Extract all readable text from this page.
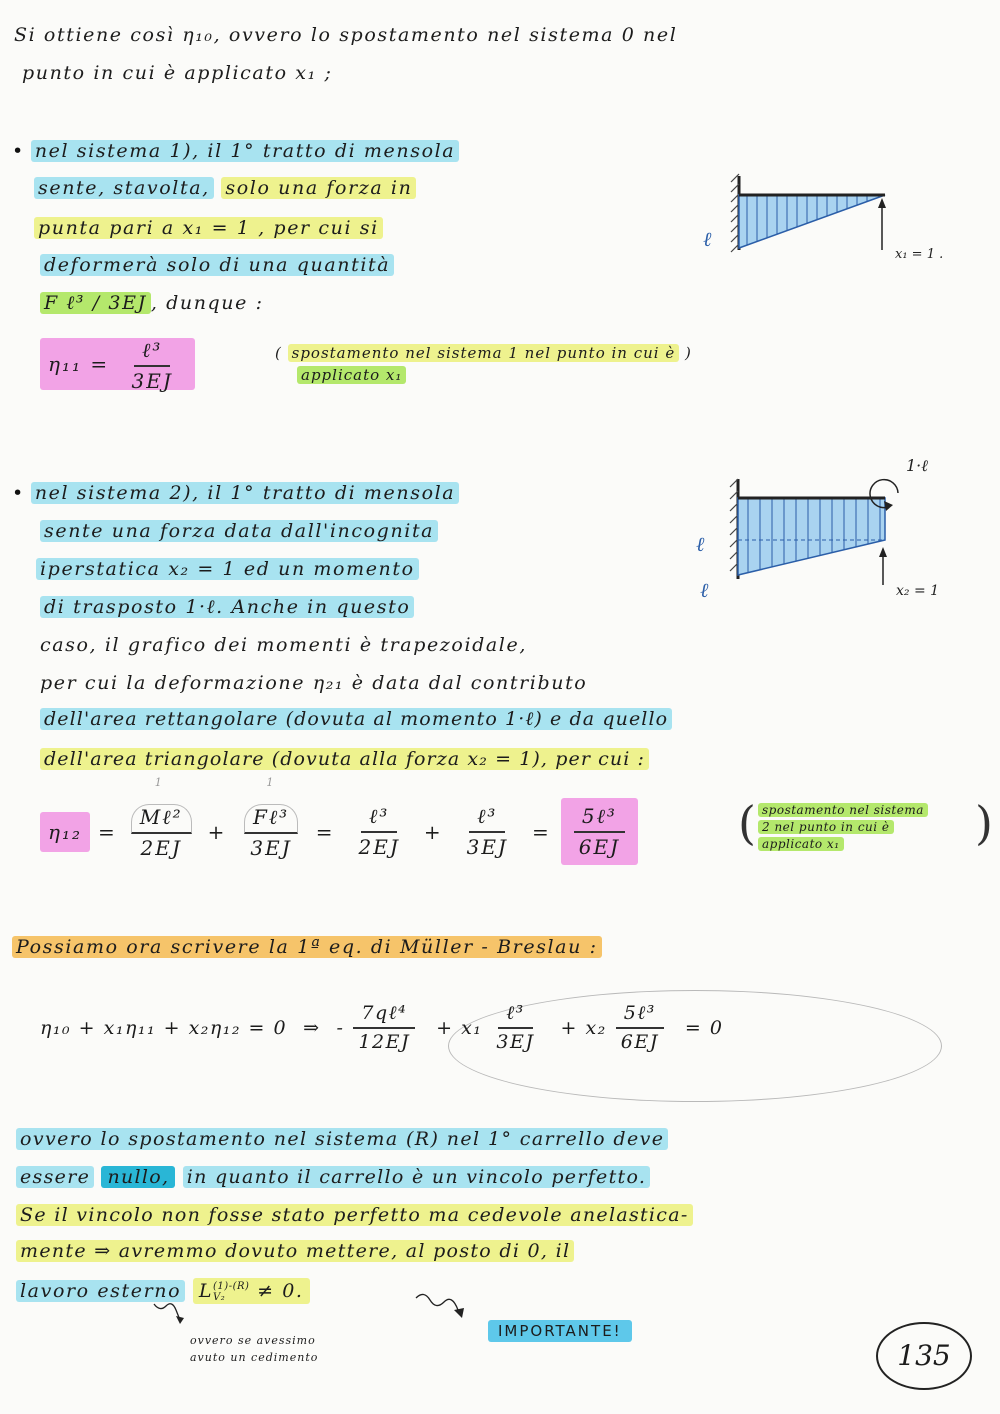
Si ottiene così η₁₀, ovvero lo spostamento nel sistema 0 nel
punto in cui è applicato x₁ ;
• nel sistema 1), il 1° tratto di mensola
sente, stavolta, solo una forza in
punta pari a x₁ = 1 , per cui si
deformerà solo di una quantità
F ℓ³ / 3EJ , dunque :
ℓ
x₁ = 1 .
$\eta_{11} = \frac{\text{ℓ³}}{3EJ}$	( spostamento nel sistema 1 nel punto in cui è )
applicato x₁
• nel sistema 2), il 1° tratto di mensola
sente una forza data dall'incognita
iperstatica x₂ = 1 ed un momento
di trasposto 1·ℓ. Anche in questo
caso, il grafico dei momenti è trapezoidale,
per cui la deformazione η₂₁ è data dal contributo
dell'area rettangolare (dovuta al momento 1·ℓ) e da quello
dell'area triangolare (dovuta alla forza x₂ = 1), per cui :
1·ℓ
x₂ = 1
ℓ
ℓ
η₁₂ =
1
$\frac{\text{Mℓ²}}{2EJ}$ +
1
$\frac{\text{Fℓ³}}{3EJ} = \frac{\text{ℓ³}}{2EJ} + \frac{\text{ℓ³}}{3EJ} = \frac{\text{5ℓ³}}{6EJ}$ (	)
spostamento nel sistema
2 nel punto in cui è
applicato x₁
Possiamo ora scrivere la 1ª eq. di Müller - Breslau :
η₁₀ + x₁η₁₁ + x₂η₁₂ = 0 ⇒ - $\frac{\text{7qℓ⁴}}{12EJ} + x_1 \frac{\text{ℓ³}}{3EJ} + x_2 \frac{\text{5ℓ³}}{6EJ} = 0$
ovvero lo spostamento nel sistema (R) nel 1° carrello deve
essere nullo, in quanto il carrello è un vincolo perfetto.
Se il vincolo non fosse stato perfetto ma cedevole anelastica-
mente ⇒ avremmo dovuto mettere, al posto di 0, il
lavoro esterno L (1)-(R)
V₂	≠ 0.
ovvero se avessimo
avuto un cedimento
IMPORTANTE!
135
